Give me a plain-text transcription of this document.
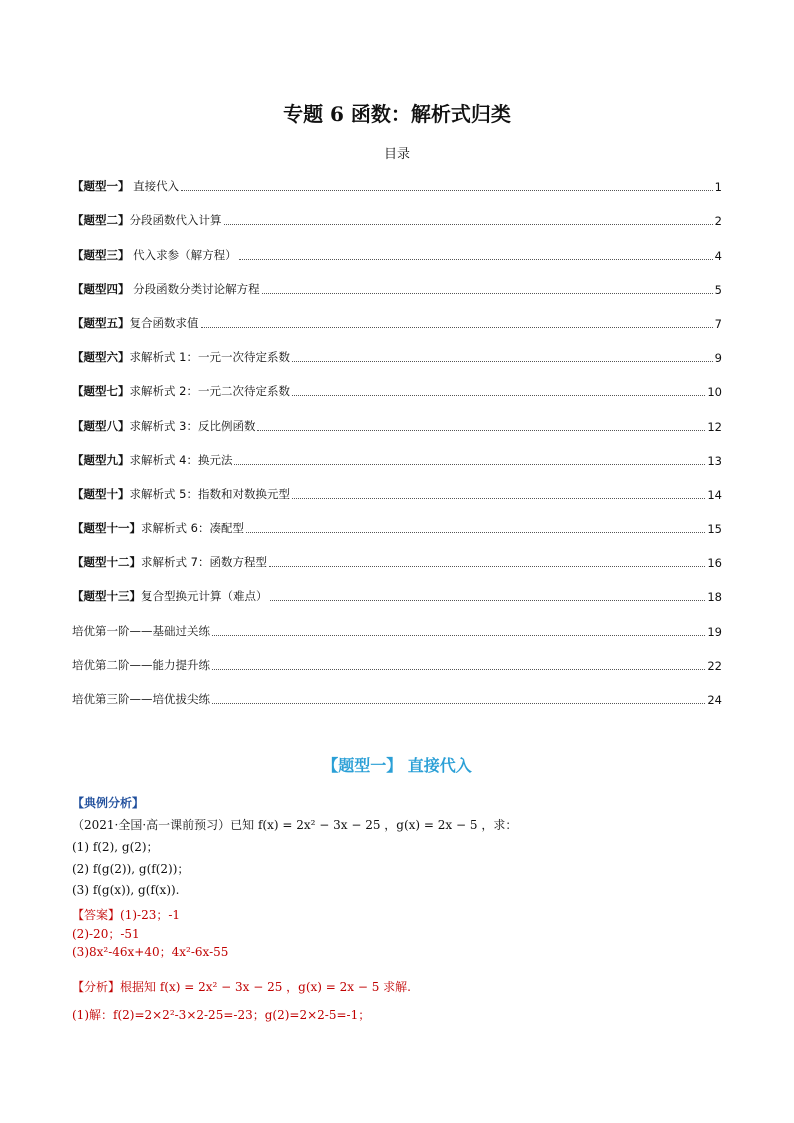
专题 6 函数：解析式归类
目录
【题型一】 直接代入	1
【题型二】分段函数代入计算	2
【题型三】 代入求参（解方程）	4
【题型四】 分段函数分类讨论解方程	5
【题型五】复合函数求值	7
【题型六】求解析式 1：一元一次待定系数	9
【题型七】求解析式 2：一元二次待定系数	10
【题型八】求解析式 3：反比例函数	12
【题型九】求解析式 4：换元法	13
【题型十】求解析式 5：指数和对数换元型	14
【题型十一】求解析式 6：凑配型	15
【题型十二】求解析式 7：函数方程型	16
【题型十三】复合型换元计算（难点）	18
培优第一阶——基础过关练	19
培优第二阶——能力提升练	22
培优第三阶——培优拔尖练	24
【题型一】 直接代入
【典例分析】
（2021·全国·高一课前预习）已知 f(x) = 2x² − 3x − 25 ，g(x) = 2x − 5 ，求：
(1) f(2), g(2)；
(2) f(g(2)), g(f(2))；
(3) f(g(x)), g(f(x)).
【答案】(1)-23；-1
(2)-20；-51
(3)8x²-46x+40；4x²-6x-55
【分析】根据知 f(x) = 2x² − 3x − 25 ，g(x) = 2x − 5 求解.
(1)解：f(2)=2×2²-3×2-25=-23；g(2)=2×2-5=-1；
